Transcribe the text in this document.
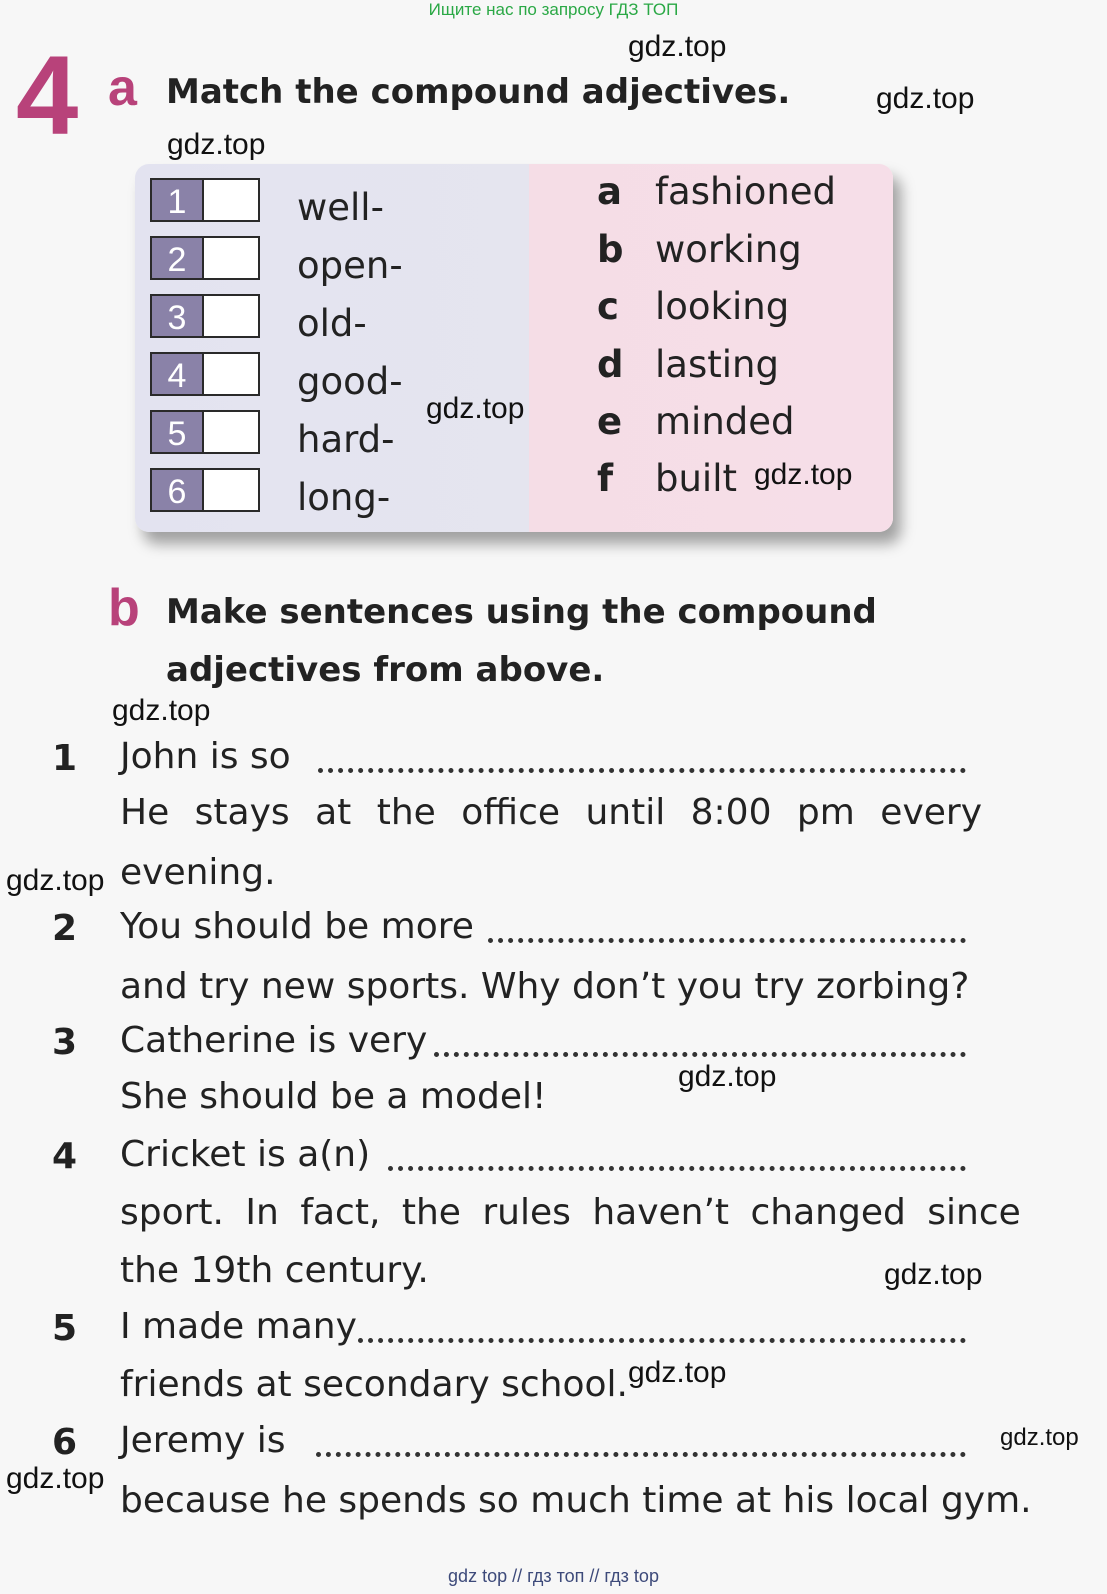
Ищите нас по запросу ГДЗ ТОП
4 a Match the compound adjectives.
1	well-
2	open-
3	old-
4	good-
5	hard-
6	long-
a fashioned
b working
c looking
d lasting
e minded
f built
b Make sentences using the compound
adjectives from above.
1 John is so
He stays at the office until 8:00 pm every
evening.
2 You should be more
and try new sports. Why don’t you try zorbing?
3 Catherine is very
She should be a model!
4 Cricket is a(n)
sport. In fact, the rules haven’t changed since
the 19th century.
5 I made many
friends at secondary school.
6 Jeremy is
because he spends so much time at his local gym.
gdz.top
gdz.top
gdz.top
gdz.top
gdz.top
gdz.top
gdz.top
gdz.top
gdz.top
gdz.top
gdz.top
gdz.top
gdz top // гдз топ // гдз top
